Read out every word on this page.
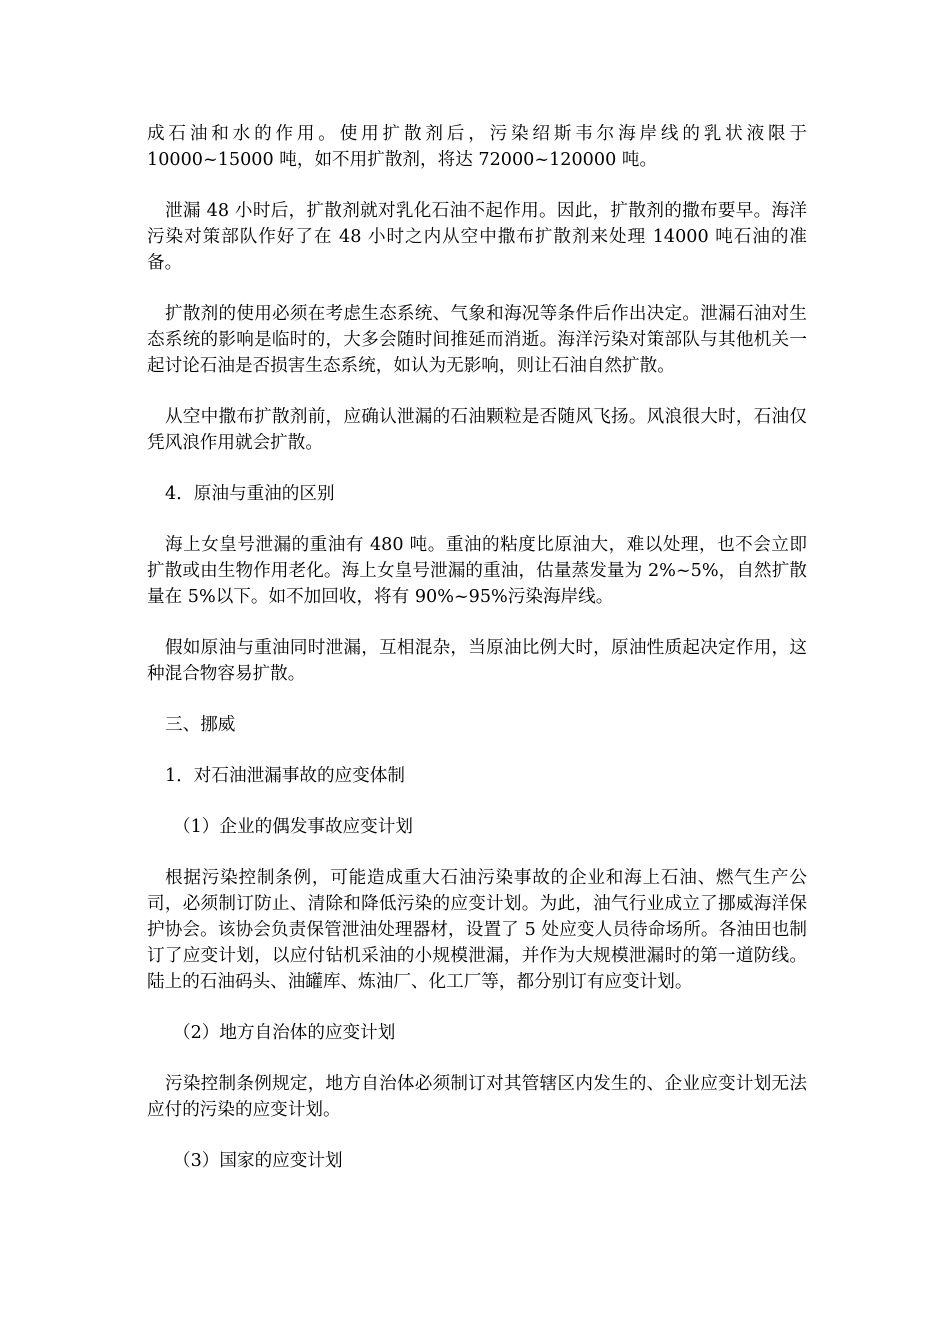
成石油和水的作用。使用扩散剂后，污染绍斯韦尔海岸线的乳状液限于 10000~15000 吨，如不用扩散剂，将达 72000~120000 吨。

泄漏 48 小时后，扩散剂就对乳化石油不起作用。因此，扩散剂的撒布要早。海洋污染对策部队作好了在 48 小时之内从空中撒布扩散剂来处理 14000 吨石油的准备。

扩散剂的使用必须在考虑生态系统、气象和海况等条件后作出决定。泄漏石油对生态系统的影响是临时的，大多会随时间推延而消逝。海洋污染对策部队与其他机关一起讨论石油是否损害生态系统，如认为无影响，则让石油自然扩散。

从空中撒布扩散剂前，应确认泄漏的石油颗粒是否随风飞扬。风浪很大时，石油仅凭风浪作用就会扩散。

4．原油与重油的区别

海上女皇号泄漏的重油有 480 吨。重油的粘度比原油大，难以处理，也不会立即扩散或由生物作用老化。海上女皇号泄漏的重油，估量蒸发量为 2%~5%，自然扩散量在 5%以下。如不加回收，将有 90%~95%污染海岸线。

假如原油与重油同时泄漏，互相混杂，当原油比例大时，原油性质起决定作用，这种混合物容易扩散。

三、挪威

1．对石油泄漏事故的应变体制

（1）企业的偶发事故应变计划

根据污染控制条例，可能造成重大石油污染事故的企业和海上石油、燃气生产公司，必须制订防止、清除和降低污染的应变计划。为此，油气行业成立了挪威海洋保护协会。该协会负责保管泄油处理器材，设置了 5 处应变人员待命场所。各油田也制订了应变计划，以应付钻机采油的小规模泄漏，并作为大规模泄漏时的第一道防线。陆上的石油码头、油罐库、炼油厂、化工厂等，都分别订有应变计划。

（2）地方自治体的应变计划

污染控制条例规定，地方自治体必须制订对其管辖区内发生的、企业应变计划无法应付的污染的应变计划。

（3）国家的应变计划
